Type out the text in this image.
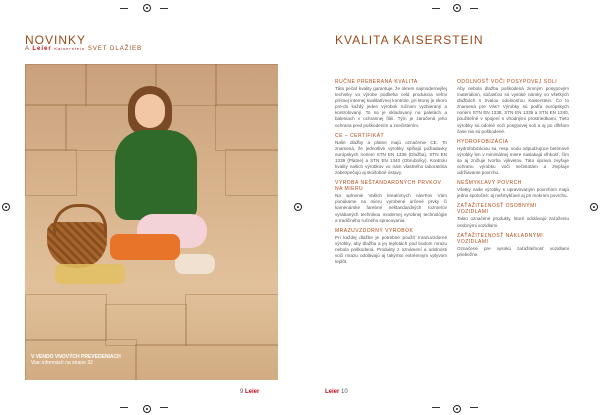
NOVINKY
A Leier Kaiserstein SVET DLAŽIEB
V VENDO VNOVÝCH PREVEDENIACH
Viac informácií na strane 32
9 Leier
KVALITA KAISERSTEIN
RUČNE PREBERANÁ KVALITA

Táto pečať kvality garantuje, že okrem najmodernejšej techniky vo výrobe podlieha celá produkcia veľmi prísnej internej kvalitatívnej kontrole, pri ktorej je skoro pre-do každý jeden výrobok ručnom vyzbieraný a kontrolovaný. To sa je skladovaný na paletách a baleniach v ochrannej fólii. Tým je zaručená jeho ochrana pred poškodením a znečistením.

CE – CERTIFIKÁT

Naše dlažby a platne majú označenie CE. To znamená, že jednotlivé výrobky spĺňajú požiadavky európskych noriem STN EN 1338 (Dlažba), STN EN 1339 (Platne) a STN EN 1340 (Obrubníky). Kontrolu kvality našich výrobkov vo nám vlastného laboratória zabezpečujú aj skúšobné ústavy.

VÝROBA NEŠTANDARDNÝCH PRVKOV NA MIERU

Na splnenie Vašich kreatívnych návrhov Vám ponúkame na mieru vyrobené určené prvky či kamenárske farebné neštandardných rozmerov vyrábaných technikou modernej vyrobnej technológie a tradičného ručného spracovania.

MRAZUVZDORNÝ VÝROBOK

Pri každej dlažbe je potrebné použiť mrazuvzdorné výrobky, aby dlažba a jej teplotách pod bodom mrazu nebola poškodená. Produkty z oznámení a odolnosti voči mrazu odolávajú aj takýmto extrémnym vplyvom teplôt.

ODOLNOSŤ VOČI POSYPOVEJ SOLI

Aby nebola dlažba poškodená zimným posypovým materiálom, súčasťou sú vysoké nároky vo všetkých dlažbách s trvalou odolnosťou Kaiserstein. Čo to znamená pre Vás? Výrobky sú podľa európskych noriem STN EN 1338, STN EN 1339 a STN EN 1340, použiteľné v spojení s vhodnými prostriedkami. Tieto výrobky sú odolné voči posypovej soli a aj po dlhšom čase nie sú poškodené.

HYDROFOBIZÁCIA

Hydrofobizáciou sa, resp. vodu odpudzujúce betónové výrobky len v minimálnej miere nasiakajú vlhkosť, čím sa aj znižuje tvorba výkvetov. Táto úprava zvyšuje ochranu výrobku voči nečistotám a zlepšuje udržiavanie povrchu.

NEŠMYKĽAVÝ POVRCH

Všetky naše výrobky s upravovaným povrchom majú jedno spoločné: aj nešmykľavé aj pri mokrom povrchu.

ZAŤAŽITEĽNOSŤ OSOBNÝMI VOZIDLAMI

Takto označené produkty, ktoré odolávajú zaťaženiu osobnými vozidlami.

ZAŤAŽITEĽNOSŤ NÁKLADNÝMI VOZIDLAMI

Označené pre vysokú zaťažiteľnosť vozidlami priebežne.

Leier 10
